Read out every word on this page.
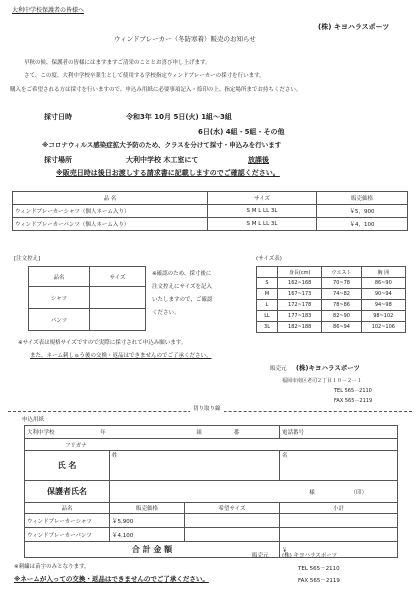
大利中学校保護者の皆様へ
(株) キヨハラスポーツ
ウィンドブレーカー（冬防寒着）販売のお知らせ
早秋の候、保護者の皆様にはますますご清栄のこととお喜び申し上げます。
さて、この度、大利中学校卒業生として使用する学校指定ウィンドブレーカーの採寸を行います。
購入をご希望される方は採寸を行いますので、申込み用紙に必要事項記入・捺印の上、指定場所までお持ちください。
採寸日時	令和3年 10月 5日(火) 1組～3組
6日(水) 4組・5組・その他
※コロナウィルス感染症拡大予防のため、クラスを分けて採寸・申込みを行います
採寸場所	大利中学校 木工室にて	放課後
※販売日時は後日お渡しする請求書に記載しますのでご確認ください。
品 名	サイズ	販売価格
ウィンドブレーカーシャツ（個人ネーム入り）	S M L LL 3L	￥5，900
ウィンドブレーカーパンツ（個人ネーム入り）	S M L LL 3L	￥4，100
[注文控え]
品名	サイズ
シャツ	
パンツ	
※確認のため、採寸後に
注文控えにサイズを記入
いたしますので、ご確認
ください。
(サイズ表)
	身長(cm)	ウエスト	胸 囲
S	162~168	70~78	86~90
M	167~173	74~82	90~94
L	172~178	78~86	94~98
LL	177~183	82~90	98~102
3L	182~188	86~94	102~106
※サイズ表は規格サイズですので実際に採寸されて申込み願います。
また、ネーム刺しゅう後の交換・返品はできませんのでご了承ください。
販売元 (株)キヨハラスポーツ
福岡市南区老司２丁目１０－２－１
TEL 565－2110
FAX 565－2119
切り取り線
申込用紙
大利中学校 年		組 番	電話番号
フリガナ			
氏 名	姓		名
保護者氏名	様 （印）		
品名	販売価格	希望サイズ	小計
ウィンドブレーカーシャツ	￥5,900		
ウィンドブレーカーパンツ	￥4,100		
合 計 金 額			￥
販売元 (株) キヨハラスポーツ
※刺繍は苗字のみとなります。
※ネームが入っての交換・返品はできませんのでご了承ください。
TEL 565－2110
FAX 565－2119
